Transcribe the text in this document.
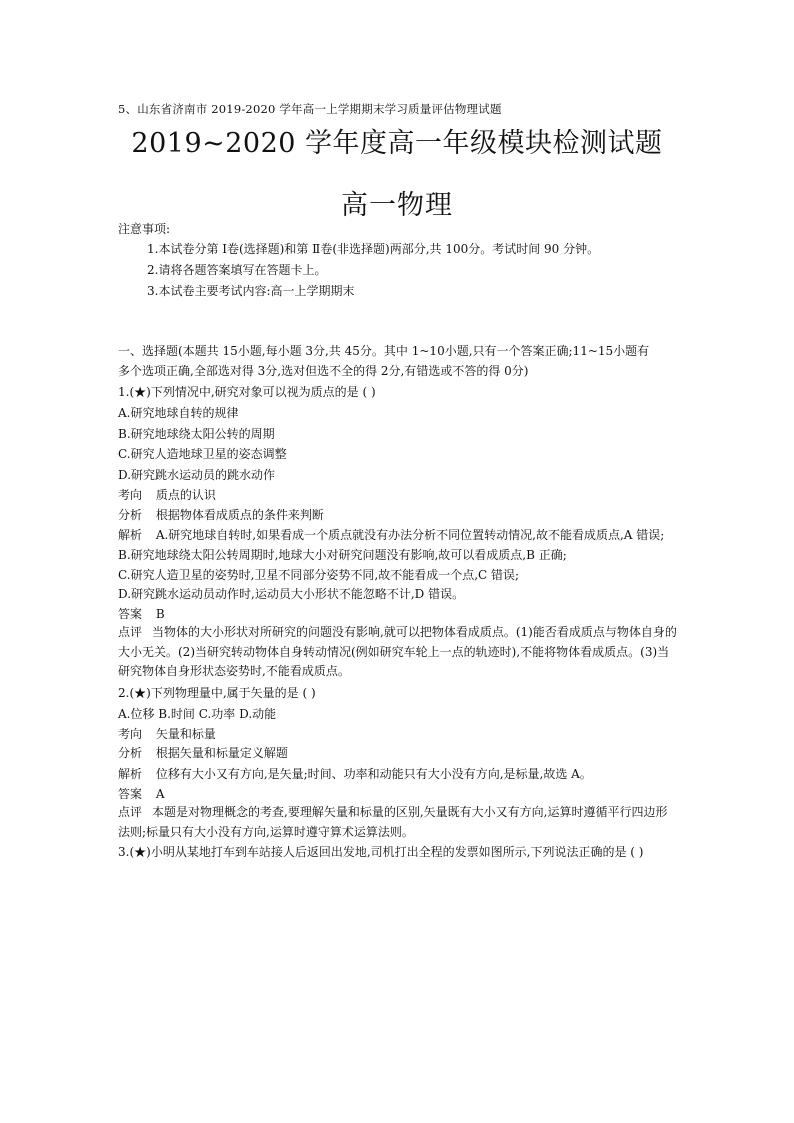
5、山东省济南市 2019-2020 学年高一上学期期末学习质量评估物理试题
2019~2020 学年度高一年级模块检测试题
高一物理
注意事项:
1.本试卷分第 Ⅰ卷(选择题)和第 Ⅱ卷(非选择题)两部分,共 100分。考试时间 90 分钟。
2.请将各题答案填写在答题卡上。
3.本试卷主要考试内容:高一上学期期末
一、选择题(本题共 15小题,每小题 3分,共 45分。其中 1~10小题,只有一个答案正确;11~15小题有
多个选项正确,全部选对得 3分,选对但选不全的得 2分,有错选或不答的得 0分)
1.(★)下列情况中,研究对象可以视为质点的是 ( )
A.研究地球自转的规律
B.研究地球绕太阳公转的周期
C.研究人造地球卫星的姿态调整
D.研究跳水运动员的跳水动作
考向 质点的认识
分析 根据物体看成质点的条件来判断
解析 A.研究地球自转时,如果看成一个质点就没有办法分析不同位置转动情况,故不能看成质点,A 错误;
B.研究地球绕太阳公转周期时,地球大小对研究问题没有影响,故可以看成质点,B 正确;
C.研究人造卫星的姿势时,卫星不同部分姿势不同,故不能看成一个点,C 错误;
D.研究跳水运动员动作时,运动员大小形状不能忽略不计,D 错误。
答案 B
点评 当物体的大小形状对所研究的问题没有影响,就可以把物体看成质点。(1)能否看成质点与物体自身的大小无关。(2)当研究转动物体自身转动情况(例如研究车轮上一点的轨迹时),不能将物体看成质点。(3)当研究物体自身形状态姿势时,不能看成质点。
2.(★)下列物理量中,属于矢量的是 ( )
A.位移 B.时间 C.功率 D.动能
考向 矢量和标量
分析 根据矢量和标量定义解题
解析 位移有大小又有方向,是矢量;时间、功率和动能只有大小没有方向,是标量,故选 A。
答案 A
点评 本题是对物理概念的考查,要理解矢量和标量的区别,矢量既有大小又有方向,运算时遵循平行四边形法则;标量只有大小没有方向,运算时遵守算术运算法则。
3.(★)小明从某地打车到车站接人后返回出发地,司机打出全程的发票如图所示,下列说法正确的是 ( )
